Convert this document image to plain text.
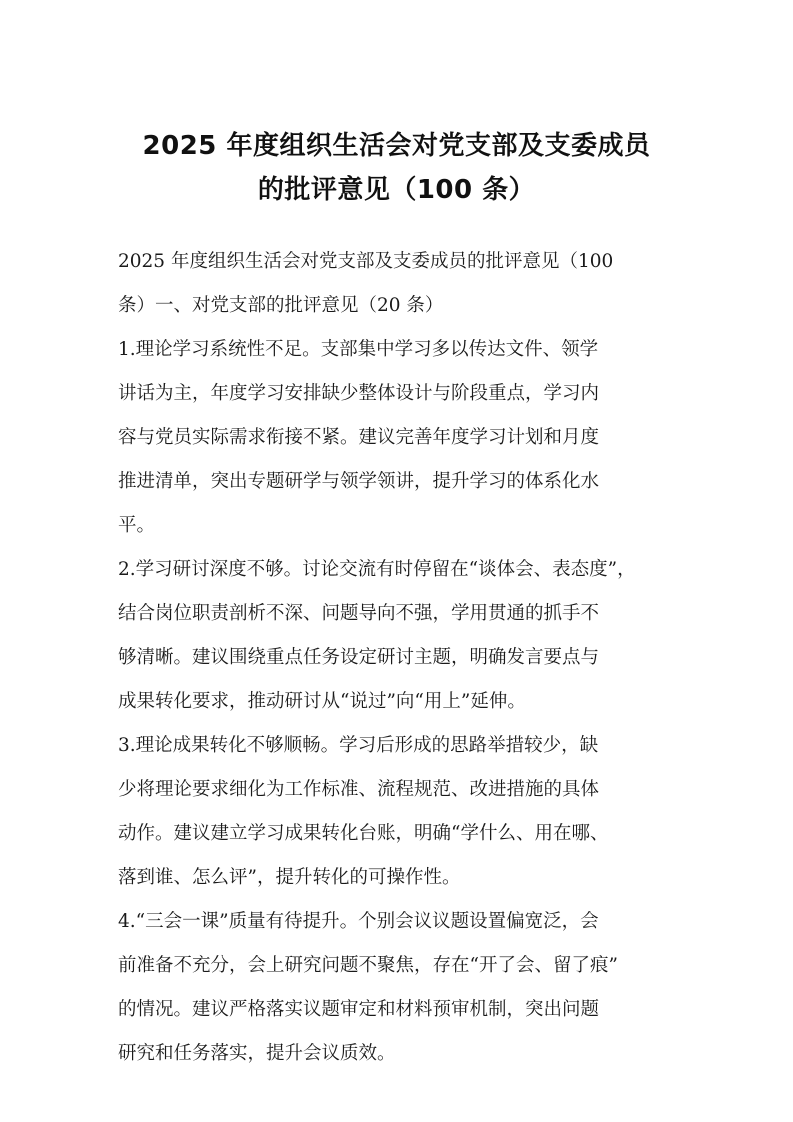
2025 年度组织生活会对党支部及支委成员
的批评意见（100 条）
2025 年度组织生活会对党支部及支委成员的批评意见（100
条）一、对党支部的批评意见（20 条）
1.理论学习系统性不足。支部集中学习多以传达文件、领学
讲话为主，年度学习安排缺少整体设计与阶段重点，学习内
容与党员实际需求衔接不紧。建议完善年度学习计划和月度
推进清单，突出专题研学与领学领讲，提升学习的体系化水
平。
2.学习研讨深度不够。讨论交流有时停留在“谈体会、表态度”，
结合岗位职责剖析不深、问题导向不强，学用贯通的抓手不
够清晰。建议围绕重点任务设定研讨主题，明确发言要点与
成果转化要求，推动研讨从“说过”向“用上”延伸。
3.理论成果转化不够顺畅。学习后形成的思路举措较少，缺
少将理论要求细化为工作标准、流程规范、改进措施的具体
动作。建议建立学习成果转化台账，明确“学什么、用在哪、
落到谁、怎么评”，提升转化的可操作性。
4.“三会一课”质量有待提升。个别会议议题设置偏宽泛，会
前准备不充分，会上研究问题不聚焦，存在“开了会、留了痕”
的情况。建议严格落实议题审定和材料预审机制，突出问题
研究和任务落实，提升会议质效。
